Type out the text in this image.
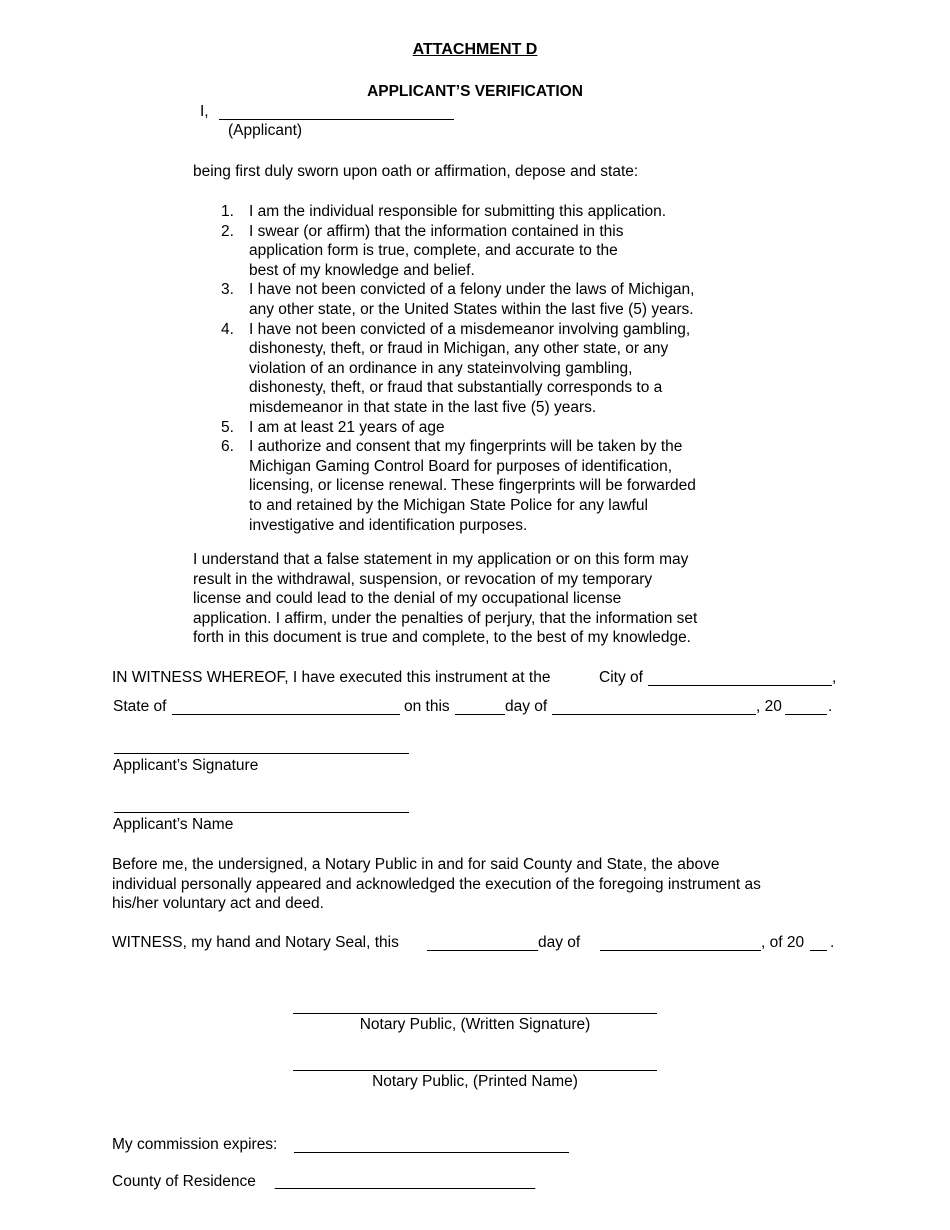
ATTACHMENT D
APPLICANT’S VERIFICATION
I,
(Applicant)
being first duly sworn upon oath or affirmation, depose and state:
1. I am the individual responsible for submitting this application.
2. I swear (or affirm) that the information contained in this
application form is true, complete, and accurate to the
best of my knowledge and belief.
3. I have not been convicted of a felony under the laws of Michigan,
any other state, or the United States within the last five (5) years.
4. I have not been convicted of a misdemeanor involving gambling,
dishonesty, theft, or fraud in Michigan, any other state, or any
violation of an ordinance in any stateinvolving gambling,
dishonesty, theft, or fraud that substantially corresponds to a
misdemeanor in that state in the last five (5) years.
5. I am at least 21 years of age
6. I authorize and consent that my fingerprints will be taken by the
Michigan Gaming Control Board for purposes of identification,
licensing, or license renewal. These fingerprints will be forwarded
to and retained by the Michigan State Police for any lawful
investigative and identification purposes.
I understand that a false statement in my application or on this form may
result in the withdrawal, suspension, or revocation of my temporary
license and could lead to the denial of my occupational license
application. I affirm, under the penalties of perjury, that the information set
forth in this document is true and complete, to the best of my knowledge.
IN WITNESS WHEREOF, I have executed this instrument at the	City of	,
State of	on this	day of	, 20	.
Applicant’s Signature
Applicant’s Name
Before me, the undersigned, a Notary Public in and for said County and State, the above
individual personally appeared and acknowledged the execution of the foregoing instrument as
his/her voluntary act and deed.
WITNESS, my hand and Notary Seal, this	day of	, of 20 .
Notary Public, (Written Signature)
Notary Public, (Printed Name)
My commission expires:
County of Residence ______________________________
